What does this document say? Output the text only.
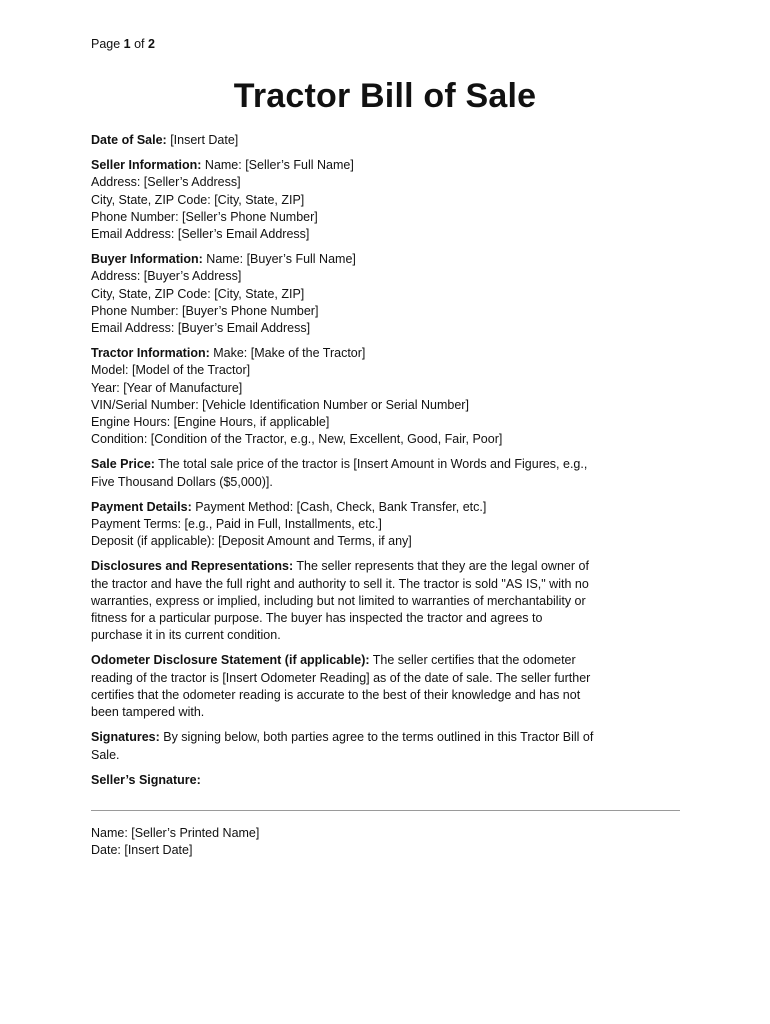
Page 1 of 2
Tractor Bill of Sale
Date of Sale: [Insert Date]
Seller Information: Name: [Seller’s Full Name]
Address: [Seller’s Address]
City, State, ZIP Code: [City, State, ZIP]
Phone Number: [Seller’s Phone Number]
Email Address: [Seller’s Email Address]
Buyer Information: Name: [Buyer’s Full Name]
Address: [Buyer’s Address]
City, State, ZIP Code: [City, State, ZIP]
Phone Number: [Buyer’s Phone Number]
Email Address: [Buyer’s Email Address]
Tractor Information: Make: [Make of the Tractor]
Model: [Model of the Tractor]
Year: [Year of Manufacture]
VIN/Serial Number: [Vehicle Identification Number or Serial Number]
Engine Hours: [Engine Hours, if applicable]
Condition: [Condition of the Tractor, e.g., New, Excellent, Good, Fair, Poor]
Sale Price: The total sale price of the tractor is [Insert Amount in Words and Figures, e.g.,
Five Thousand Dollars ($5,000)].
Payment Details: Payment Method: [Cash, Check, Bank Transfer, etc.]
Payment Terms: [e.g., Paid in Full, Installments, etc.]
Deposit (if applicable): [Deposit Amount and Terms, if any]
Disclosures and Representations: The seller represents that they are the legal owner of
the tractor and have the full right and authority to sell it. The tractor is sold "AS IS," with no
warranties, express or implied, including but not limited to warranties of merchantability or
fitness for a particular purpose. The buyer has inspected the tractor and agrees to
purchase it in its current condition.
Odometer Disclosure Statement (if applicable): The seller certifies that the odometer
reading of the tractor is [Insert Odometer Reading] as of the date of sale. The seller further
certifies that the odometer reading is accurate to the best of their knowledge and has not
been tampered with.
Signatures: By signing below, both parties agree to the terms outlined in this Tractor Bill of
Sale.
Seller’s Signature:
Name: [Seller’s Printed Name]
Date: [Insert Date]
